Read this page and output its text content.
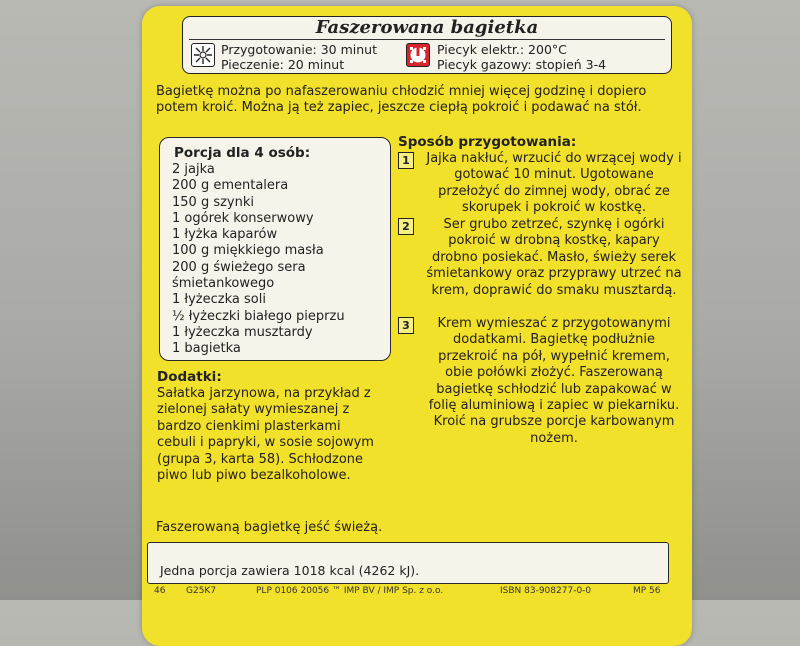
Faszerowana bagietka
Przygotowanie: 30 minut
Pieczenie: 20 minut
Piecyk elektr.: 200°C
Piecyk gazowy: stopień 3-4
Bagietkę można po nafaszerowaniu chłodzić mniej więcej godzinę i dopiero potem kroić. Można ją też zapiec, jeszcze ciepłą pokroić i podawać na stół.
Porcja dla 4 osób:
2 jajka
200 g ementalera
150 g szynki
1 ogórek konserwowy
1 łyżka kaparów
100 g miękkiego masła
200 g świeżego sera
śmietankowego
1 łyżeczka soli
½ łyżeczki białego pieprzu
1 łyżeczka musztardy
1 bagietka
Dodatki:
Sałatka jarzynowa, na przykład z zielonej sałaty wymieszanej z bardzo cienkimi plasterkami cebuli i papryki, w sosie sojowym (grupa 3, karta 58). Schłodzone piwo lub piwo bezalkoholowe.
Sposób przygotowania:
1	Jajka nakłuć, wrzucić do wrzącej wody i gotować 10 minut. Ugotowane przełożyć do zimnej wody, obrać ze skorupek i pokroić w kostkę.
2	Ser grubo zetrzeć, szynkę i ogórki pokroić w drobną kostkę, kapary drobno posiekać. Masło, świeży serek śmietankowy oraz przyprawy utrzeć na krem, doprawić do smaku musztardą.
3	Krem wymieszać z przygotowanymi dodatkami. Bagietkę podłużnie przekroić na pół, wypełnić kremem, obie połówki złożyć. Faszerowaną bagietkę schłodzić lub zapakować w folię aluminiową i zapiec w piekarniku. Kroić na grubsze porcje karbowanym nożem.
Faszerowaną bagietkę jeść świeżą.
Jedna porcja zawiera 1018 kcal (4262 kJ).
46 G25K7	PLP 0106 20056 ™ IMP BV / IMP Sp. z o.o.	ISBN 83-908277-0-0	MP 56
